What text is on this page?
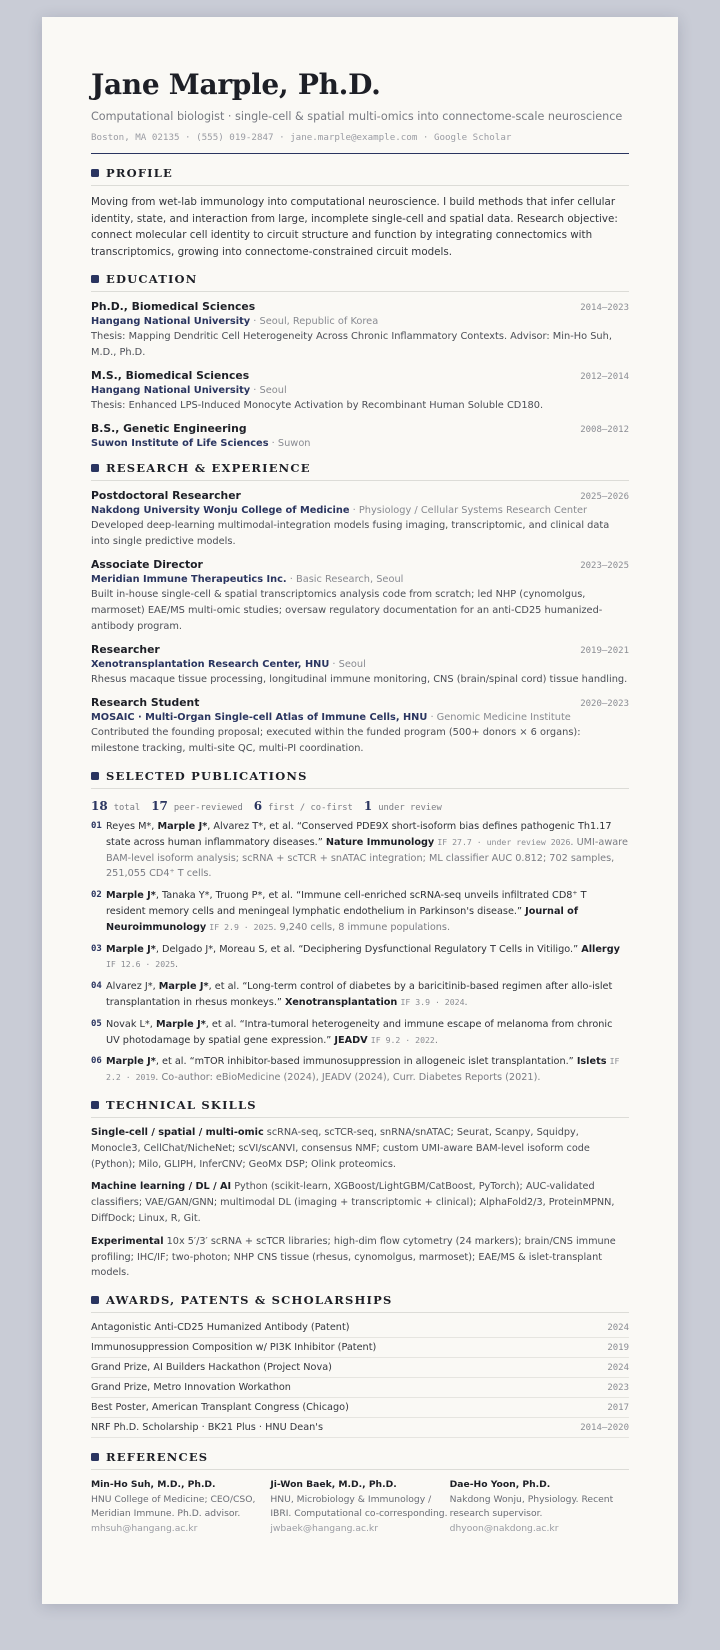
Jane Marple, Ph.D.
Computational biologist · single-cell & spatial multi-omics into connectome-scale neuroscience
Boston, MA 02135 · (555) 019-2847 · jane.marple@example.com · Google Scholar
PROFILE
Moving from wet-lab immunology into computational neuroscience. I build methods that infer cellular identity, state, and interaction from large, incomplete single-cell and spatial data. Research objective: connect molecular cell identity to circuit structure and function by integrating connectomics with transcriptomics, growing into connectome-constrained circuit models.
EDUCATION
Ph.D., Biomedical Sciences	2014–2023
Hangang National University · Seoul, Republic of Korea
Thesis: Mapping Dendritic Cell Heterogeneity Across Chronic Inflammatory Contexts. Advisor: Min-Ho Suh, M.D., Ph.D.
M.S., Biomedical Sciences	2012–2014
Hangang National University · Seoul
Thesis: Enhanced LPS-Induced Monocyte Activation by Recombinant Human Soluble CD180.
B.S., Genetic Engineering	2008–2012
Suwon Institute of Life Sciences · Suwon
RESEARCH & EXPERIENCE
Postdoctoral Researcher	2025–2026
Nakdong University Wonju College of Medicine · Physiology / Cellular Systems Research Center
Developed deep-learning multimodal-integration models fusing imaging, transcriptomic, and clinical data into single predictive models.
Associate Director	2023–2025
Meridian Immune Therapeutics Inc. · Basic Research, Seoul
Built in-house single-cell & spatial transcriptomics analysis code from scratch; led NHP (cynomolgus, marmoset) EAE/MS multi-omic studies; oversaw regulatory documentation for an anti-CD25 humanized-antibody program.
Researcher	2019–2021
Xenotransplantation Research Center, HNU · Seoul
Rhesus macaque tissue processing, longitudinal immune monitoring, CNS (brain/spinal cord) tissue handling.
Research Student	2020–2023
MOSAIC · Multi-Organ Single-cell Atlas of Immune Cells, HNU · Genomic Medicine Institute
Contributed the founding proposal; executed within the funded program (500+ donors × 6 organs): milestone tracking, multi-site QC, multi-PI coordination.
SELECTED PUBLICATIONS
18 total 17 peer-reviewed 6 first / co-first 1 under review
01 Reyes M*, Marple J*, Alvarez T*, et al. “Conserved PDE9X short-isoform bias defines pathogenic Th1.17 state across human inflammatory diseases.” Nature Immunology IF 27.7 · under review 2026. UMI-aware BAM-level isoform analysis; scRNA + scTCR + snATAC integration; ML classifier AUC 0.812; 702 samples, 251,055 CD4⁺ T cells.
02 Marple J*, Tanaka Y*, Truong P*, et al. “Immune cell-enriched scRNA-seq unveils infiltrated CD8⁺ T resident memory cells and meningeal lymphatic endothelium in Parkinson's disease.” Journal of Neuroimmunology IF 2.9 · 2025. 9,240 cells, 8 immune populations.
03 Marple J*, Delgado J*, Moreau S, et al. “Deciphering Dysfunctional Regulatory T Cells in Vitiligo.” Allergy IF 12.6 · 2025.
04 Alvarez J*, Marple J*, et al. “Long-term control of diabetes by a baricitinib-based regimen after allo-islet transplantation in rhesus monkeys.” Xenotransplantation IF 3.9 · 2024.
05 Novak L*, Marple J*, et al. “Intra-tumoral heterogeneity and immune escape of melanoma from chronic UV photodamage by spatial gene expression.” JEADV IF 9.2 · 2022.
06 Marple J*, et al. “mTOR inhibitor-based immunosuppression in allogeneic islet transplantation.” Islets IF 2.2 · 2019. Co-author: eBioMedicine (2024), JEADV (2024), Curr. Diabetes Reports (2021).
TECHNICAL SKILLS
Single-cell / spatial / multi-omic scRNA-seq, scTCR-seq, snRNA/snATAC; Seurat, Scanpy, Squidpy, Monocle3, CellChat/NicheNet; scVI/scANVI, consensus NMF; custom UMI-aware BAM-level isoform code (Python); Milo, GLIPH, InferCNV; GeoMx DSP; Olink proteomics.
Machine learning / DL / AI Python (scikit-learn, XGBoost/LightGBM/CatBoost, PyTorch); AUC-validated classifiers; VAE/GAN/GNN; multimodal DL (imaging + transcriptomic + clinical); AlphaFold2/3, ProteinMPNN, DiffDock; Linux, R, Git.
Experimental 10x 5′/3′ scRNA + scTCR libraries; high-dim flow cytometry (24 markers); brain/CNS immune profiling; IHC/IF; two-photon; NHP CNS tissue (rhesus, cynomolgus, marmoset); EAE/MS & islet-transplant models.
AWARDS, PATENTS & SCHOLARSHIPS
Antagonistic Anti-CD25 Humanized Antibody (Patent)	2024
Immunosuppression Composition w/ PI3K Inhibitor (Patent)	2019
Grand Prize, AI Builders Hackathon (Project Nova)	2024
Grand Prize, Metro Innovation Workathon	2023
Best Poster, American Transplant Congress (Chicago)	2017
NRF Ph.D. Scholarship · BK21 Plus · HNU Dean's	2014–2020
REFERENCES
Min-Ho Suh, M.D., Ph.D.
HNU College of Medicine; CEO/CSO, Meridian Immune. Ph.D. advisor.
mhsuh@hangang.ac.kr
Ji-Won Baek, M.D., Ph.D.
HNU, Microbiology & Immunology / IBRI. Computational co-corresponding.
jwbaek@hangang.ac.kr
Dae-Ho Yoon, Ph.D.
Nakdong Wonju, Physiology. Recent research supervisor.
dhyoon@nakdong.ac.kr
